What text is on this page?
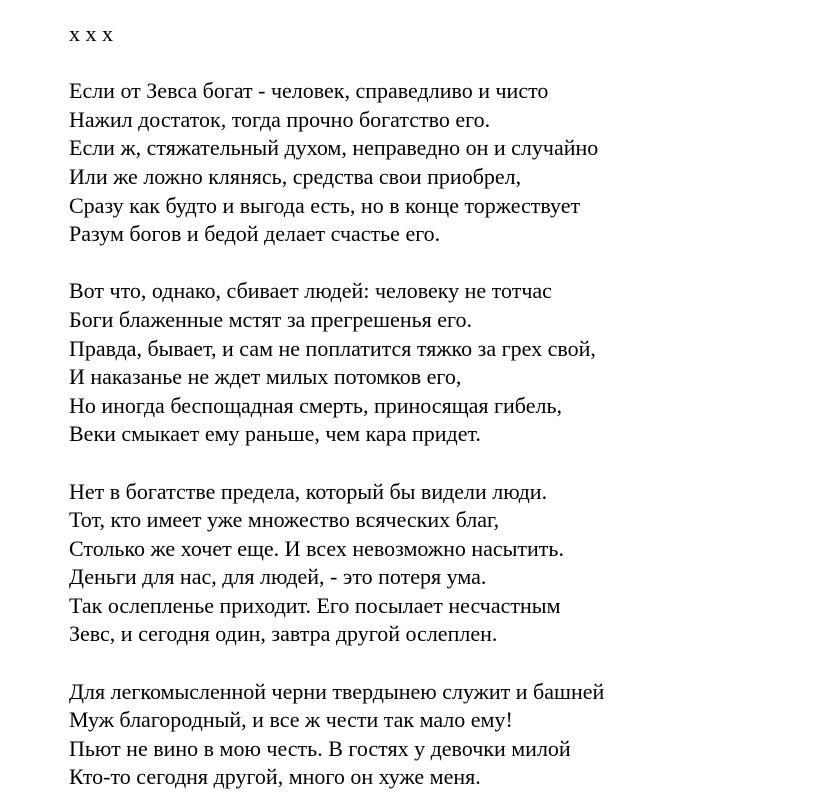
x x x
Если от Зевса богат - человек, справедливо и чисто
Нажил достаток, тогда прочно богатство его.
Если ж, стяжательный духом, неправедно он и случайно
Или же ложно клянясь, средства свои приобрел,
Сразу как будто и выгода есть, но в конце торжествует
Разум богов и бедой делает счастье его.
Вот что, однако, сбивает людей: человеку не тотчас
Боги блаженные мстят за прегрешенья его.
Правда, бывает, и сам не поплатится тяжко за грех свой,
И наказанье не ждет милых потомков его,
Но иногда беспощадная смерть, приносящая гибель,
Веки смыкает ему раньше, чем кара придет.
Нет в богатстве предела, который бы видели люди.
Тот, кто имеет уже множество всяческих благ,
Столько же хочет еще. И всех невозможно насытить.
Деньги для нас, для людей, - это потеря ума.
Так ослепленье приходит. Его посылает несчастным
Зевс, и сегодня один, завтра другой ослеплен.
Для легкомысленной черни твердынею служит и башней
Муж благородный, и все ж чести так мало ему!
Пьют не вино в мою честь. В гостях у девочки милой
Кто-то сегодня другой, много он хуже меня.
